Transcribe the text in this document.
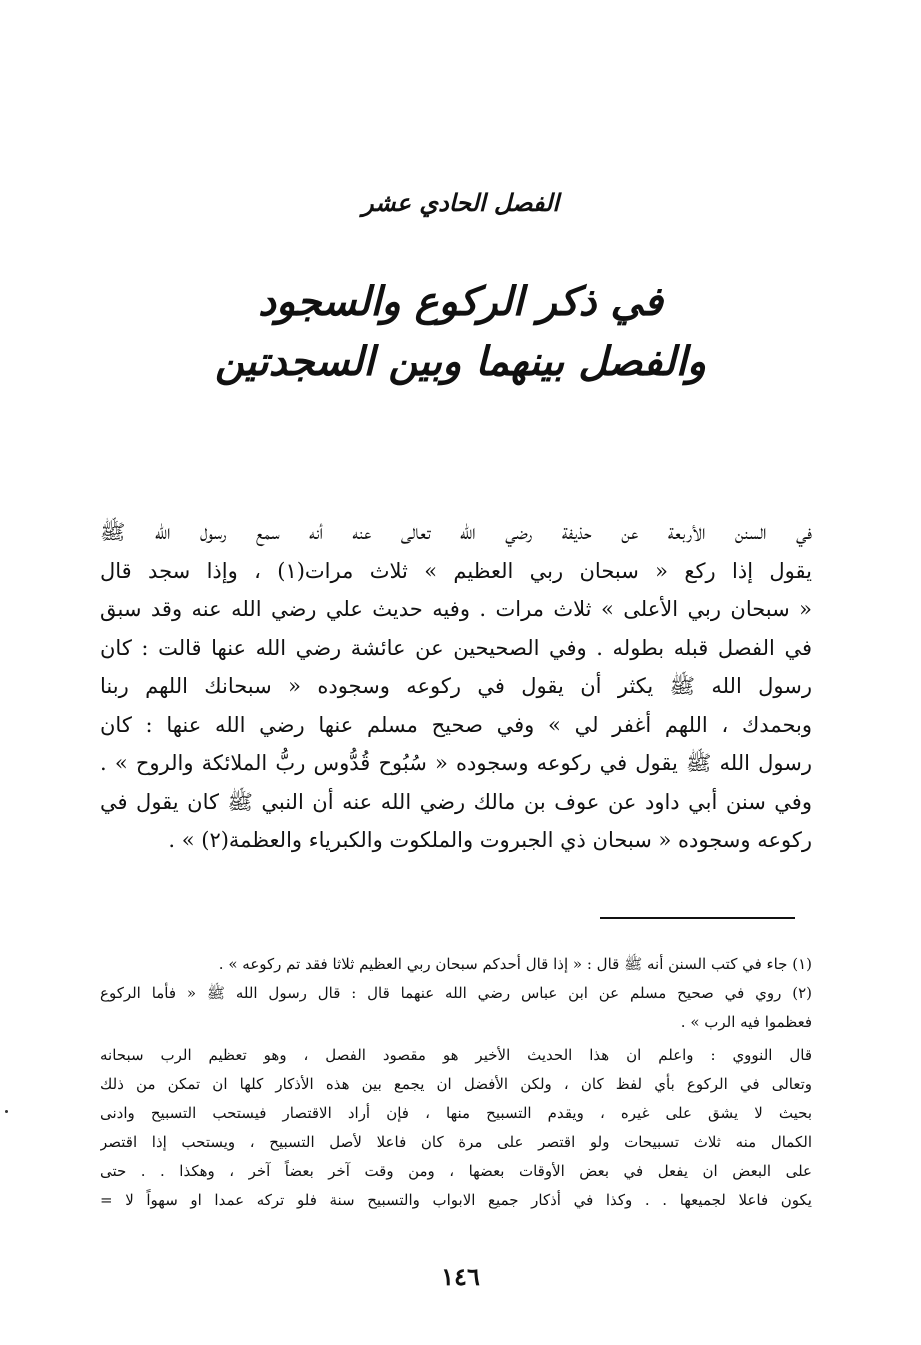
الفصل الحادي عشر
في ذكر الركوع والسجود
والفصل بينهما وبين السجدتين
في السنن الأربعة عن حذيفة رضي الله تعالى عنه أنه سمع رسول الله ﷺ
يقول إذا ركع « سبحان ربي العظيم » ثلاث مرات(١) ، وإذا سجد قال
« سبحان ربي الأعلى » ثلاث مرات . وفيه حديث علي رضي الله عنه وقد سبق
في الفصل قبله بطوله . وفي الصحيحين عن عائشة رضي الله عنها قالت : كان
رسول الله ﷺ يكثر أن يقول في ركوعه وسجوده « سبحانك اللهم ربنا
وبحمدك ، اللهم أغفر لي » وفي صحيح مسلم عنها رضي الله عنها : كان
رسول الله ﷺ يقول في ركوعه وسجوده « سُبُوح قُدُّوس ربُّ الملائكة والروح » .
وفي سنن أبي داود عن عوف بن مالك رضي الله عنه أن النبي ﷺ كان يقول في
ركوعه وسجوده « سبحان ذي الجبروت والملكوت والكبرياء والعظمة(٢) » .
(١) جاء في كتب السنن أنه ﷺ قال : « إذا قال أحدكم سبحان ربي العظيم ثلاثا فقد تم ركوعه » .
(٢) روي في صحيح مسلم عن ابن عباس رضي الله عنهما قال : قال رسول الله ﷺ « فأما الركوع
فعظموا فيه الرب » .
قال النووي : واعلم ان هذا الحديث الأخير هو مقصود الفصل ، وهو تعظيم الرب سبحانه
وتعالى في الركوع بأي لفظ كان ، ولكن الأفضل ان يجمع بين هذه الأذكار كلها ان تمكن من ذلك
بحيث لا يشق على غيره ، ويقدم التسبيح منها ، فإن أراد الاقتصار فيستحب التسبيح وادنى
الكمال منه ثلاث تسبيحات ولو اقتصر على مرة كان فاعلا لأصل التسبيح ، ويستحب إذا اقتصر
على البعض ان يفعل في بعض الأوقات بعضها ، ومن وقت آخر بعضاً آخر ، وهكذا . . حتى
يكون فاعلا لجميعها . . وكذا في أذكار جميع الابواب والتسبيح سنة فلو تركه عمدا او سهواً لا =
١٤٦
